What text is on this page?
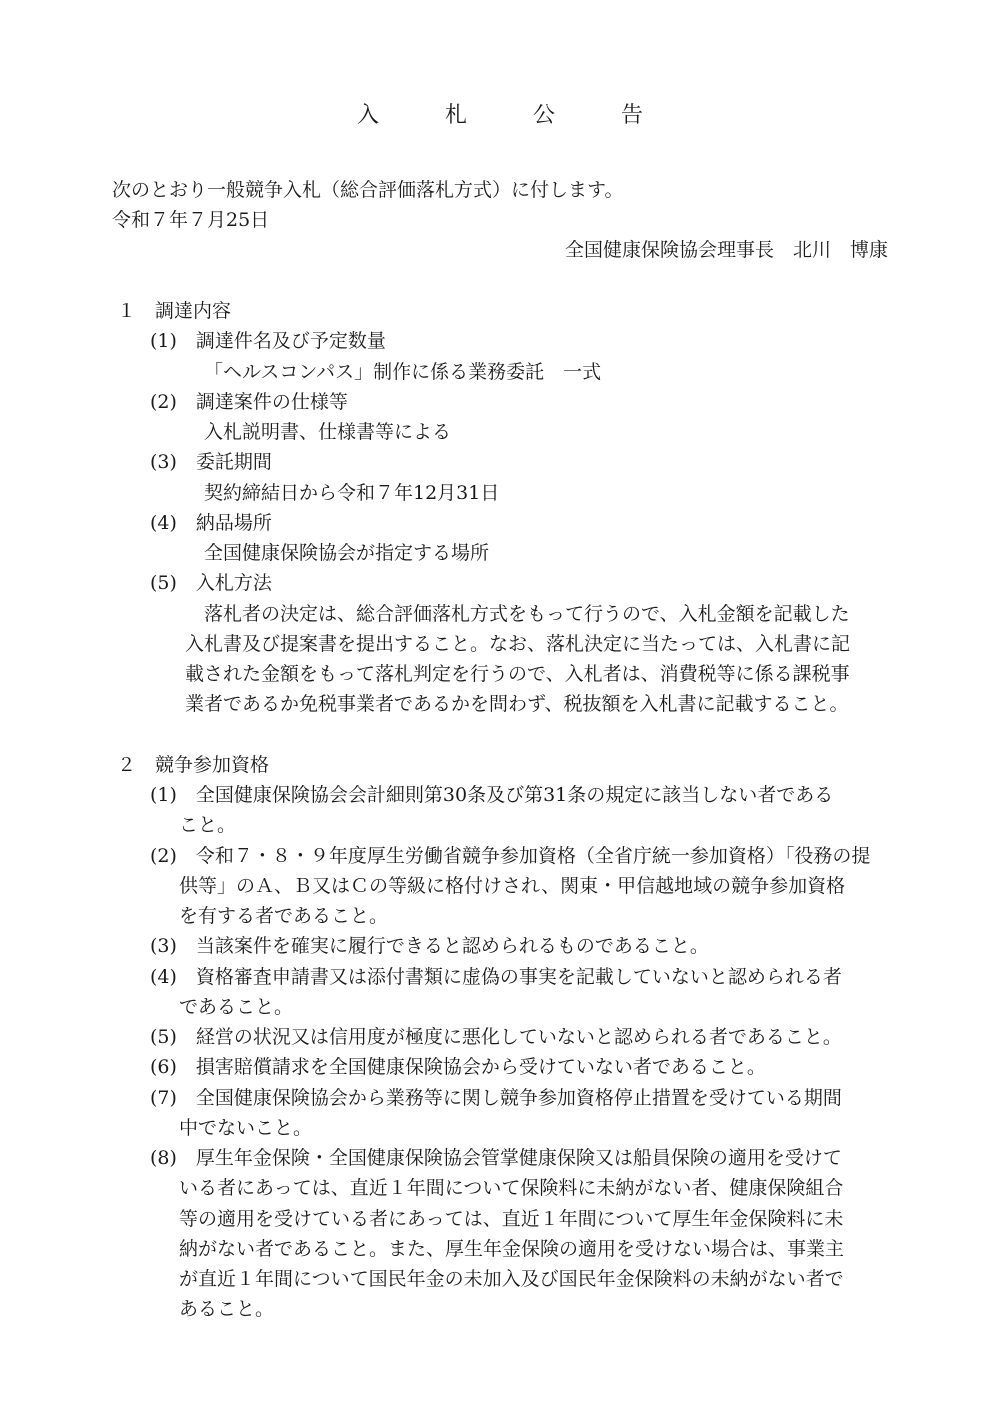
入　札　公　告
次のとおり一般競争入札（総合評価落札方式）に付します。
令和７年７月25日
全国健康保険協会理事長　北川　博康
１　調達内容
(1)　調達件名及び予定数量
「ヘルスコンパス」制作に係る業務委託　一式
(2)　調達案件の仕様等
入札説明書、仕様書等による
(3)　委託期間
契約締結日から令和７年12月31日
(4)　納品場所
全国健康保険協会が指定する場所
(5)　入札方法
落札者の決定は、総合評価落札方式をもって行うので、入札金額を記載した
入札書及び提案書を提出すること。なお、落札決定に当たっては、入札書に記
載された金額をもって落札判定を行うので、入札者は、消費税等に係る課税事
業者であるか免税事業者であるかを問わず、税抜額を入札書に記載すること。
２　競争参加資格
(1)　全国健康保険協会会計細則第30条及び第31条の規定に該当しない者である
こと。
(2)　令和７・８・９年度厚生労働省競争参加資格（全省庁統一参加資格）「役務の提
供等」のＡ、Ｂ又はＣの等級に格付けされ、関東・甲信越地域の競争参加資格
を有する者であること。
(3)　当該案件を確実に履行できると認められるものであること。
(4)　資格審査申請書又は添付書類に虚偽の事実を記載していないと認められる者
であること。
(5)　経営の状況又は信用度が極度に悪化していないと認められる者であること。
(6)　損害賠償請求を全国健康保険協会から受けていない者であること。
(7)　全国健康保険協会から業務等に関し競争参加資格停止措置を受けている期間
中でないこと。
(8)　厚生年金保険・全国健康保険協会管掌健康保険又は船員保険の適用を受けて
いる者にあっては、直近１年間について保険料に未納がない者、健康保険組合
等の適用を受けている者にあっては、直近１年間について厚生年金保険料に未
納がない者であること。また、厚生年金保険の適用を受けない場合は、事業主
が直近１年間について国民年金の未加入及び国民年金保険料の未納がない者で
あること。
